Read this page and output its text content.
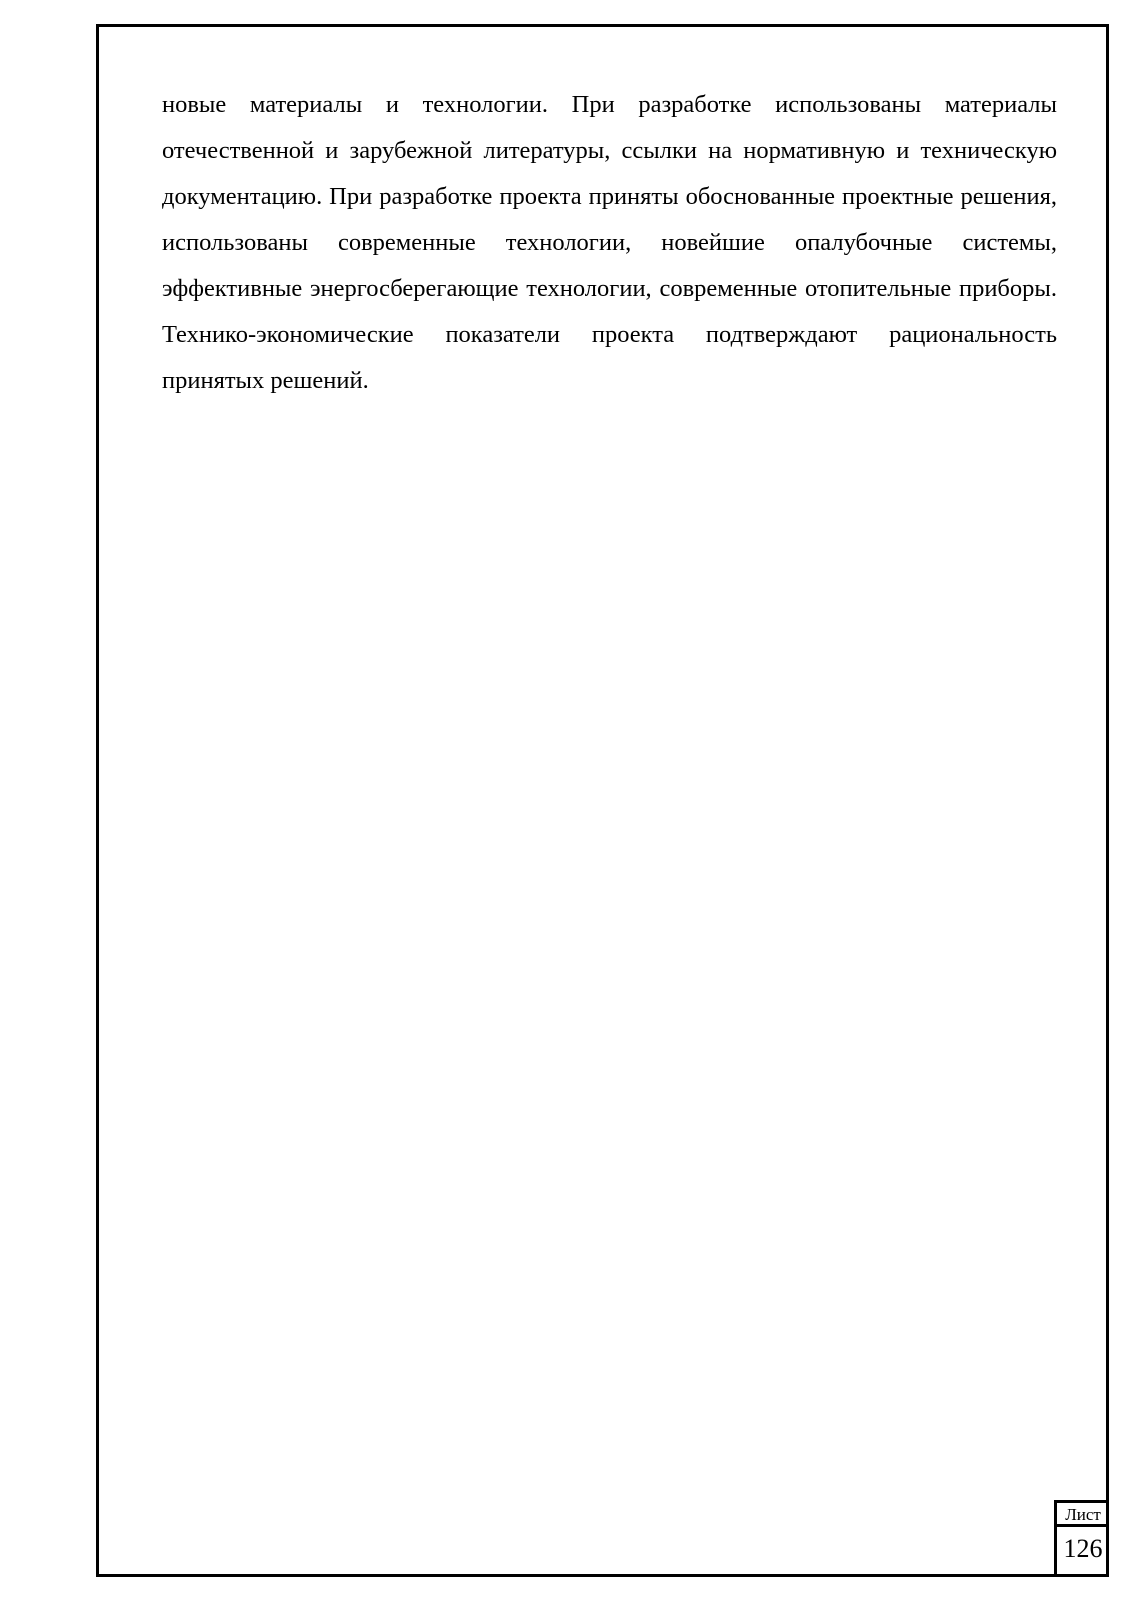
новые материалы и технологии. При разработке использованы материалы отечественной и зарубежной литературы, ссылки на нормативную и техническую документацию. При разработке проекта приняты обоснованные проектные решения, использованы современные технологии, новейшие опалубочные системы, эффективные энергосберегающие технологии, современные отопительные приборы. Технико-экономические показатели проекта подтверждают рациональность принятых решений.

Лист
126
